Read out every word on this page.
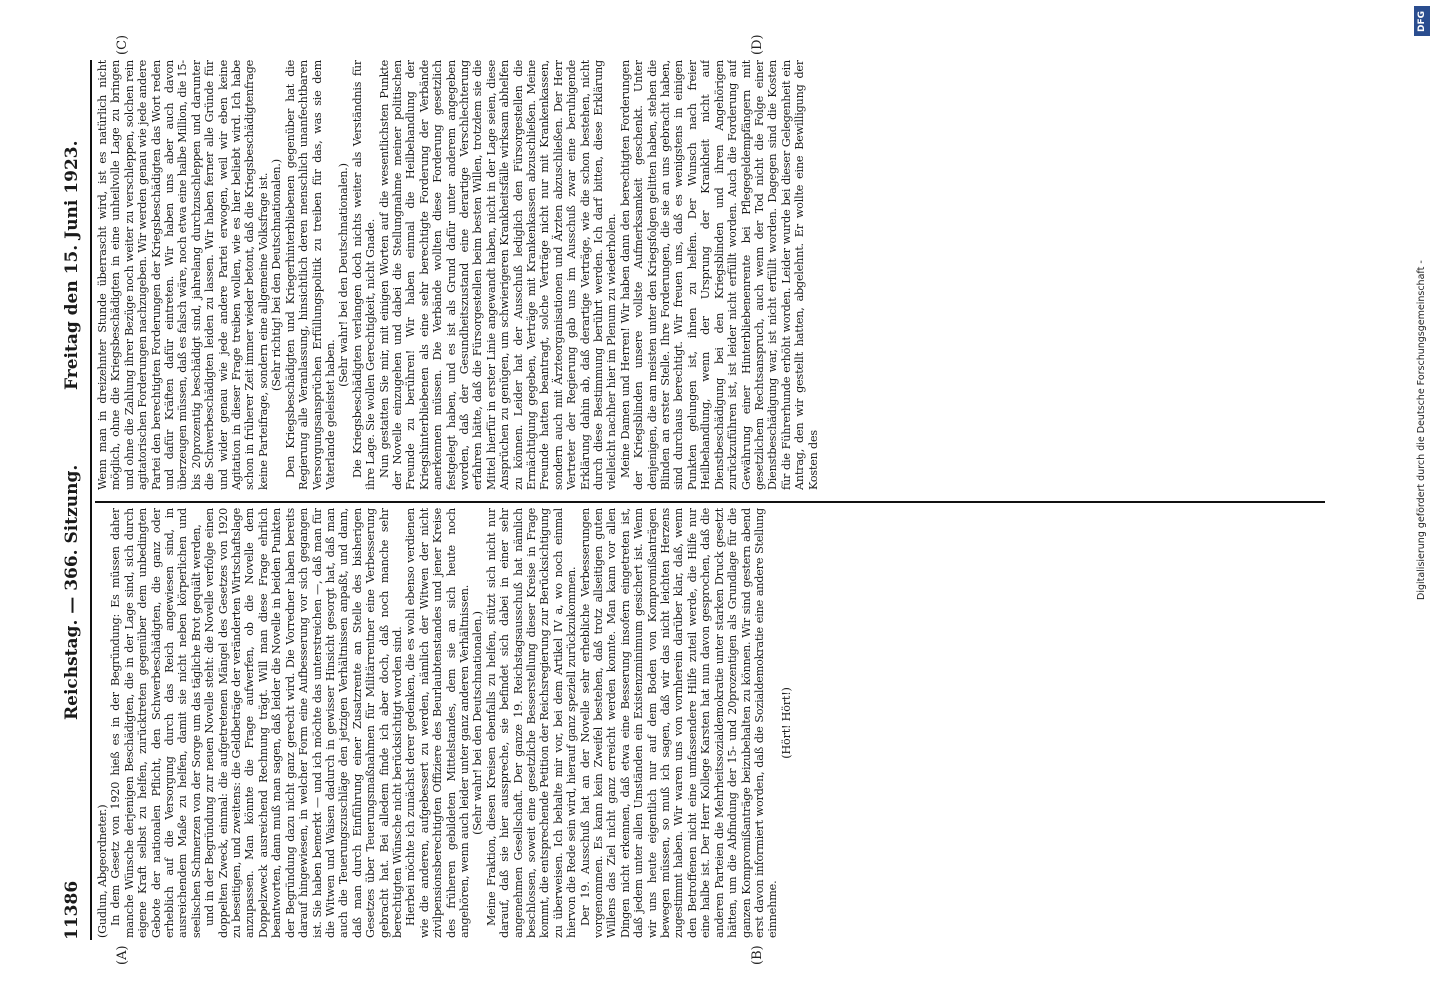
11386
Reichstag. — 366. Sitzung.
Freitag den 15. Juni 1923.
(A)	(B)
(C)	(D)

(Gudlun, Abgeordneter.) In dem Gesetz von 1920 hieß es in der Begründung: Es müssen daher manche Wünsche derjenigen Beschädigten, die in der Lage sind, sich durch eigene Kraft selbst zu helfen, zurücktreten gegenüber dem unbedingten Gebote der nationalen Pflicht, den Schwerbeschädigten, die ganz oder erheblich auf die Versorgung durch das Reich angewiesen sind, in ausreichendem Maße zu helfen, damit sie nicht neben körperlichen und seelischen Schmerzen von der Sorge um das tägliche Brot gequält werden, und in der Begründung zur neuen Novelle steht: die Novelle verfolge einen doppelten Zweck, einmal: die aufgetretenen Mängel des Gesetzes von 1920 zu beseitigen, und zweitens: die Geldbeträge der veränderten Wirtschaftslage anzupassen. Man könnte die Frage aufwerfen, ob die Novelle dem Doppelzweck ausreichend Rechnung trägt. Will man diese Frage ehrlich beantworten, dann muß man sagen, daß leider die Novelle in beiden Punkten der Begründung dazu nicht ganz gerecht wird. Die Vorredner haben bereits darauf hingewiesen, in welcher Form eine Aufbesserung vor sich gegangen ist. Sie haben bemerkt — und ich möchte das unterstreichen —, daß man für die Witwen und Waisen dadurch in gewisser Hinsicht gesorgt hat, daß man auch die Teuerungszuschläge den jetzigen Verhältnissen anpaßt, und dann, daß man durch Einführung einer Zusatzrente an Stelle des bisherigen Gesetzes über Teuerungsmaßnahmen für Militärrentner eine Verbesserung gebracht hat. Bei alledem finde ich aber doch, daß noch manche sehr berechtigten Wünsche nicht berücksichtigt worden sind. Hierbei möchte ich zunächst derer gedenken, die es wohl ebenso verdienen wie die anderen, aufgebessert zu werden, nämlich der Witwen der nicht zivilpensionsberechtigten Offiziere des Beurlaubtenstandes und jener Kreise des früheren gebildeten Mittelstandes, dem sie an sich heute noch angehören, wenn auch leider unter ganz anderen Verhältnissen. (Sehr wahr! bei den Deutschnationalen.) Meine Fraktion, diesen Kreisen ebenfalls zu helfen, stützt sich nicht nur darauf, daß sie hier ausspreche, sie befindet sich dabei in einer sehr angenehmen Gesellschaft. Der ganze 19. Reichstagsausschuß hat nämlich beschlossen, soweit eine gesetzliche Besserstellung dieser Kreise in Frage kommt, die entsprechende Petition der Reichsregierung zur Berücksichtigung zu überweisen. Ich behalte mir vor, bei dem Artikel IV a, wo noch einmal hiervon die Rede sein wird, hierauf ganz speziell zurückzukommen. Der 19. Ausschuß hat an der Novelle sehr erhebliche Verbesserungen vorgenommen. Es kann kein Zweifel bestehen, daß trotz allseitigen guten Willens das Ziel nicht ganz erreicht werden konnte. Man kann vor allen Dingen nicht erkennen, daß etwa eine Besserung insofern eingetreten ist, daß jedem unter allen Umständen ein Existenzminimum gesichert ist. Wenn wir uns heute eigentlich nur auf dem Boden von Kompromißanträgen bewegen müssen, so muß ich sagen, daß wir das nicht leichten Herzens zugestimmt haben. Wir waren uns von vornherein darüber klar, daß, wenn den Betroffenen nicht eine umfassendere Hilfe zuteil werde, die Hilfe nur eine halbe ist. Der Herr Kollege Karsten hat nun davon gesprochen, daß die anderen Parteien die Mehrheitssozialdemokratie unter starken Druck gesetzt hätten, um die Abfindung der 15- und 20prozentigen als Grundlage für die ganzen Kompromißanträge beizubehalten zu können. Wir sind gestern abend erst davon informiert worden, daß die Sozialdemokratie eine andere Stellung einnehme.

(Hört! Hört!)

Wenn man in dreizehnter Stunde überrascht wird, ist es natürlich nicht möglich, ohne die Kriegsbeschädigten in eine unheilvolle Lage zu bringen und ohne die Zahlung ihrer Bezüge noch weiter zu verschleppen, solchen rein agitatorischen Forderungen nachzugeben. Wir werden genau wie jede andere Partei den berechtigten Forderungen der Kriegsbeschädigten das Wort reden und dafür Kräften dafür eintreten. Wir haben uns aber auch davon überzeugen müssen, daß es falsch wäre, noch etwa eine halbe Million, die 15- bis 20prozentig beschädigt sind, jahrelang durchzuschleppen und darunter die Schwerbeschädigten leiden zu lassen. Wir haben ferner alle Gründe für und wider genau wie jede andere Partei erwogen, weil wir eben keine Agitation in dieser Frage treiben wollen, wie es hier beliebt wird. Ich habe schon in früherer Zeit immer wieder betont, daß die Kriegsbeschädigtenfrage keine Parteifrage, sondern eine allgemeine Volksfrage ist. (Sehr richtig! bei den Deutschnationalen.) Den Kriegsbeschädigten und Kriegerhinterbliebenen gegenüber hat die Regierung alle Veranlassung, hinsichtlich deren menschlich unanfechtbaren Versorgungsansprüchen Erfüllungspolitik zu treiben für das, was sie dem Vaterlande geleistet haben.

(Sehr wahr! bei den Deutschnationalen.) Die Kriegsbeschädigten verlangen doch nichts weiter als Verständnis für ihre Lage. Sie wollen Gerechtigkeit, nicht Gnade. Nun gestatten Sie mir, mit einigen Worten auf die wesentlichsten Punkte der Novelle einzugehen und dabei die Stellungnahme meiner politischen Freunde zu berühren! Wir haben einmal die Heilbehandlung der Kriegshinterbliebenen als eine sehr berechtigte Forderung der Verbände anerkennen müssen. Die Verbände wollten diese Forderung gesetzlich festgelegt haben, und es ist als Grund dafür unter anderem angegeben worden, daß der Gesundheitszustand eine derartige Verschlechterung erfahren hätte, daß die Fürsorgestellen beim besten Willen, trotzdem sie die Mittel hierfür in erster Linie angewandt haben, nicht in der Lage seien, diese Ansprüchen zu genügen, um schwierigeren Krankheitsfälle wirksam abhelfen zu können. Leider hat der Ausschuß lediglich den Fürsorgestellen die Ermächtigung gegeben, Verträge mit Krankenkassen abzuschließen. Meine Freunde hatten beantragt, solche Verträge nicht nur mit Krankenkassen, sondern auch mit Ärzteorganisationen und Ärzten abzuschließen. Der Herr Vertreter der Regierung gab uns im Ausschuß zwar eine beruhigende Erklärung dahin ab, daß derartige Verträge, wie die schon bestehen, nicht durch diese Bestimmung berührt werden. Ich darf bitten, diese Erklärung vielleicht nachher hier im Plenum zu wiederholen. Meine Damen und Herren! Wir haben dann den berechtigten Forderungen der Kriegsblinden unsere vollste Aufmerksamkeit geschenkt. Unter denjenigen, die am meisten unter den Kriegsfolgen gelitten haben, stehen die Blinden an erster Stelle. Ihre Forderungen, die sie an uns gebracht haben, sind durchaus berechtigt. Wir freuen uns, daß es wenigstens in einigen Punkten gelungen ist, ihnen zu helfen. Der Wunsch nach freier Heilbehandlung, wenn der Ursprung der Krankheit nicht auf Dienstbeschädigung bei den Kriegsblinden und ihren Angehörigen zurückzuführen ist, ist leider nicht erfüllt worden. Auch die Forderung auf Gewährung einer Hinterbliebenenrente bei Pflegegeldempfängern mit gesetzlichem Rechtsanspruch, auch wenn der Tod nicht die Folge einer Dienstbeschädigung war, ist nicht erfüllt worden. Dagegen sind die Kosten für die Führerhunde erhöht worden. Leider wurde bei dieser Gelegenheit ein Antrag, den wir gestellt hatten, abgelehnt. Er wollte eine Bewilligung der Kosten des

DFG
Digitalisierung gefördert durch die Deutsche Forschungsgemeinschaft -
